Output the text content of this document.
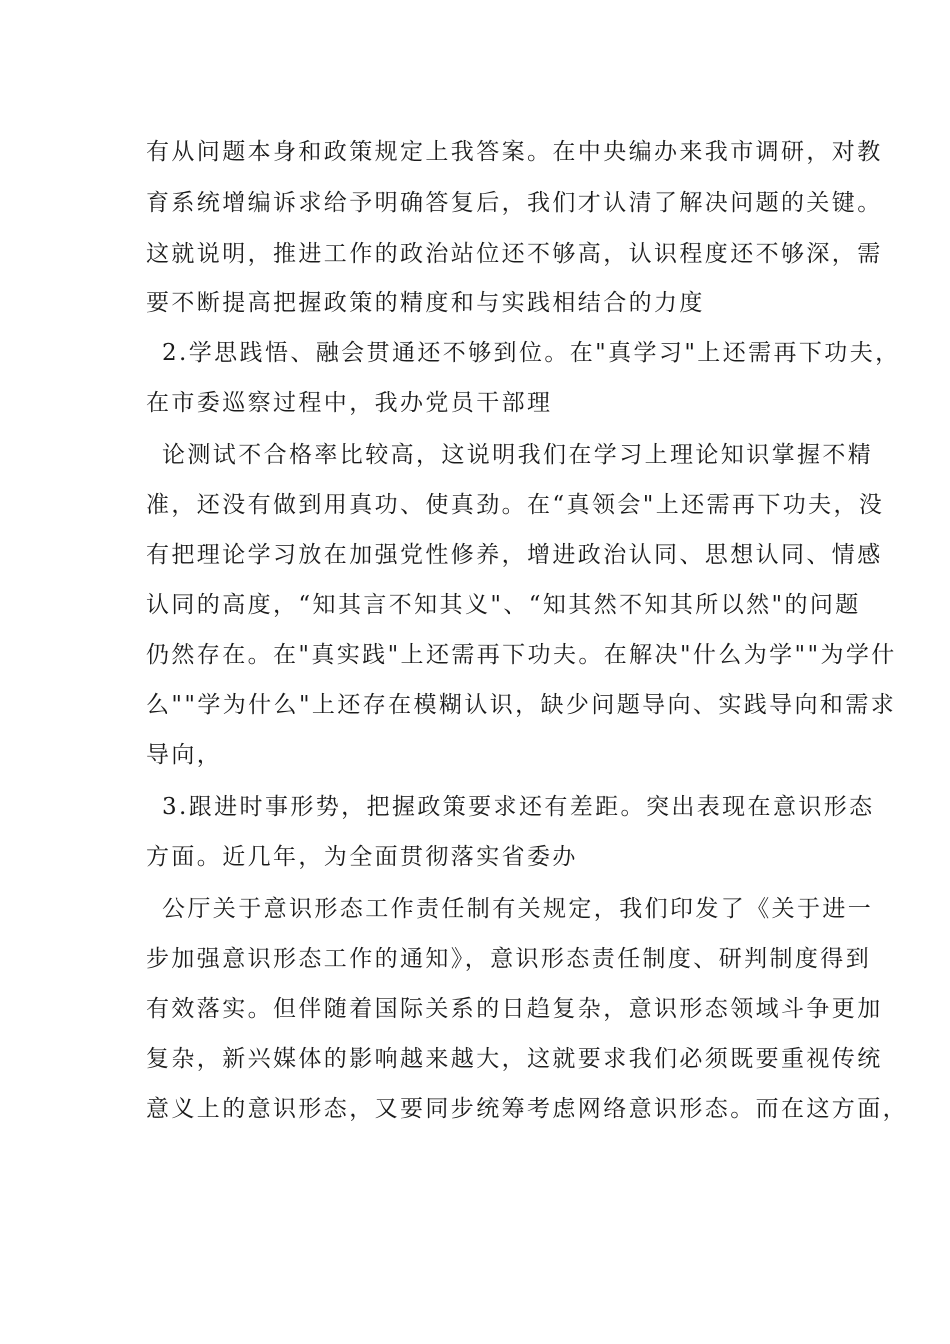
有从问题本身和政策规定上我答案。在中央编办来我市调研，对教
育系统增编诉求给予明确答复后，我们才认清了解决问题的关键。
这就说明，推进工作的政治站位还不够高，认识程度还不够深，需
要不断提高把握政策的精度和与实践相结合的力度
2.学思践悟、融会贯通还不够到位。在"真学习"上还需再下功夫，
在市委巡察过程中，我办党员干部理
论测试不合格率比较高，这说明我们在学习上理论知识掌握不精
准，还没有做到用真功、使真劲。在“真领会"上还需再下功夫，没
有把理论学习放在加强党性修养，增进政治认同、思想认同、情感
认同的高度，“知其言不知其义"、“知其然不知其所以然"的问题
仍然存在。在"真实践"上还需再下功夫。在解决"什么为学""为学什
么""学为什么"上还存在模糊认识，缺少问题导向、实践导向和需求
导向，
3.跟进时事形势，把握政策要求还有差距。突出表现在意识形态
方面。近几年，为全面贯彻落实省委办
公厅关于意识形态工作责任制有关规定，我们印发了《关于进一
步加强意识形态工作的通知》，意识形态责任制度、研判制度得到
有效落实。但伴随着国际关系的日趋复杂，意识形态领域斗争更加
复杂，新兴媒体的影响越来越大，这就要求我们必须既要重视传统
意义上的意识形态，又要同步统筹考虑网络意识形态。而在这方面，
